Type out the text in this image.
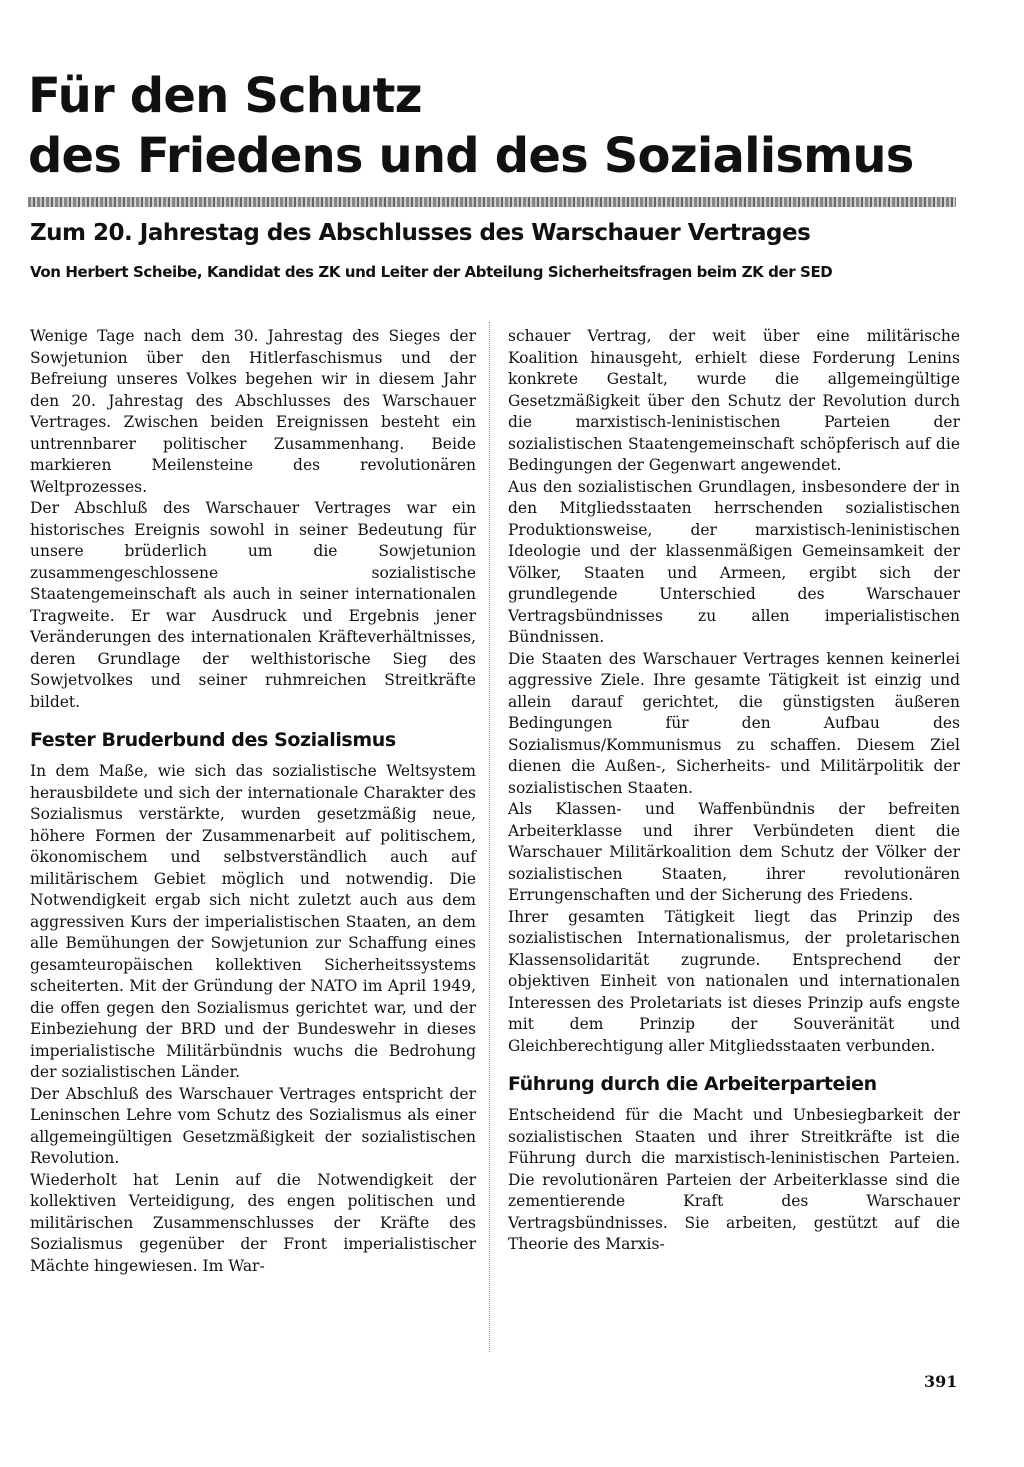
Für den Schutz
des Friedens und des Sozialismus
Zum 20. Jahrestag des Abschlusses des Warschauer Vertrages

Von Herbert Scheibe, Kandidat des ZK und Leiter der Abteilung Sicherheitsfragen beim ZK der SED

Wenige Tage nach dem 30. Jahrestag des Sieges der Sowjetunion über den Hitlerfaschismus und der Befreiung unseres Volkes begehen wir in diesem Jahr den 20. Jahrestag des Abschlusses des Warschauer Vertrages. Zwischen beiden Ereignissen besteht ein untrennbarer politischer Zusammenhang. Beide markieren Meilensteine des revolutionären Weltprozesses.

Der Abschluß des Warschauer Vertrages war ein historisches Ereignis sowohl in seiner Bedeutung für unsere brüderlich um die Sowjetunion zusammengeschlossene sozialistische Staatengemeinschaft als auch in seiner internationalen Tragweite. Er war Ausdruck und Ergebnis jener Veränderungen des internationalen Kräfteverhältnisses, deren Grundlage der welthistorische Sieg des Sowjetvolkes und seiner ruhmreichen Streitkräfte bildet.

Fester Bruderbund des Sozialismus

In dem Maße, wie sich das sozialistische Weltsystem herausbildete und sich der internationale Charakter des Sozialismus verstärkte, wurden gesetzmäßig neue, höhere Formen der Zusammenarbeit auf politischem, ökonomischem und selbstverständlich auch auf militärischem Gebiet möglich und notwendig. Die Notwendigkeit ergab sich nicht zuletzt auch aus dem aggressiven Kurs der imperialistischen Staaten, an dem alle Bemühungen der Sowjetunion zur Schaffung eines gesamteuropäischen kollektiven Sicherheitssystems scheiterten. Mit der Gründung der NATO im April 1949, die offen gegen den Sozialismus gerichtet war, und der Einbeziehung der BRD und der Bundeswehr in dieses imperialistische Militärbündnis wuchs die Bedrohung der sozialistischen Länder.

Der Abschluß des Warschauer Vertrages entspricht der Leninschen Lehre vom Schutz des Sozialismus als einer allgemeingültigen Gesetzmäßigkeit der sozialistischen Revolution.

Wiederholt hat Lenin auf die Notwendigkeit der kollektiven Verteidigung, des engen politischen und militärischen Zusammenschlusses der Kräfte des Sozialismus gegenüber der Front imperialistischer Mächte hingewiesen. Im War-

schauer Vertrag, der weit über eine militärische Koalition hinausgeht, erhielt diese Forderung Lenins konkrete Gestalt, wurde die allgemeingültige Gesetzmäßigkeit über den Schutz der Revolution durch die marxistisch-leninistischen Parteien der sozialistischen Staatengemeinschaft schöpferisch auf die Bedingungen der Gegenwart angewendet.

Aus den sozialistischen Grundlagen, insbesondere der in den Mitgliedsstaaten herrschenden sozialistischen Produktionsweise, der marxistisch-leninistischen Ideologie und der klassenmäßigen Gemeinsamkeit der Völker, Staaten und Armeen, ergibt sich der grundlegende Unterschied des Warschauer Vertragsbündnisses zu allen imperialistischen Bündnissen.

Die Staaten des Warschauer Vertrages kennen keinerlei aggressive Ziele. Ihre gesamte Tätigkeit ist einzig und allein darauf gerichtet, die günstigsten äußeren Bedingungen für den Aufbau des Sozialismus/Kommunismus zu schaffen. Diesem Ziel dienen die Außen-, Sicherheits- und Militärpolitik der sozialistischen Staaten.

Als Klassen- und Waffenbündnis der befreiten Arbeiterklasse und ihrer Verbündeten dient die Warschauer Militärkoalition dem Schutz der Völker der sozialistischen Staaten, ihrer revolutionären Errungenschaften und der Sicherung des Friedens.

Ihrer gesamten Tätigkeit liegt das Prinzip des sozialistischen Internationalismus, der proletarischen Klassensolidarität zugrunde. Entsprechend der objektiven Einheit von nationalen und internationalen Interessen des Proletariats ist dieses Prinzip aufs engste mit dem Prinzip der Souveränität und Gleichberechtigung aller Mitgliedsstaaten verbunden.

Führung durch die Arbeiterparteien

Entscheidend für die Macht und Unbesiegbarkeit der sozialistischen Staaten und ihrer Streitkräfte ist die Führung durch die marxistisch-leninistischen Parteien. Die revolutionären Parteien der Arbeiterklasse sind die zementierende Kraft des Warschauer Vertragsbündnisses. Sie arbeiten, gestützt auf die Theorie des Marxis-

391
